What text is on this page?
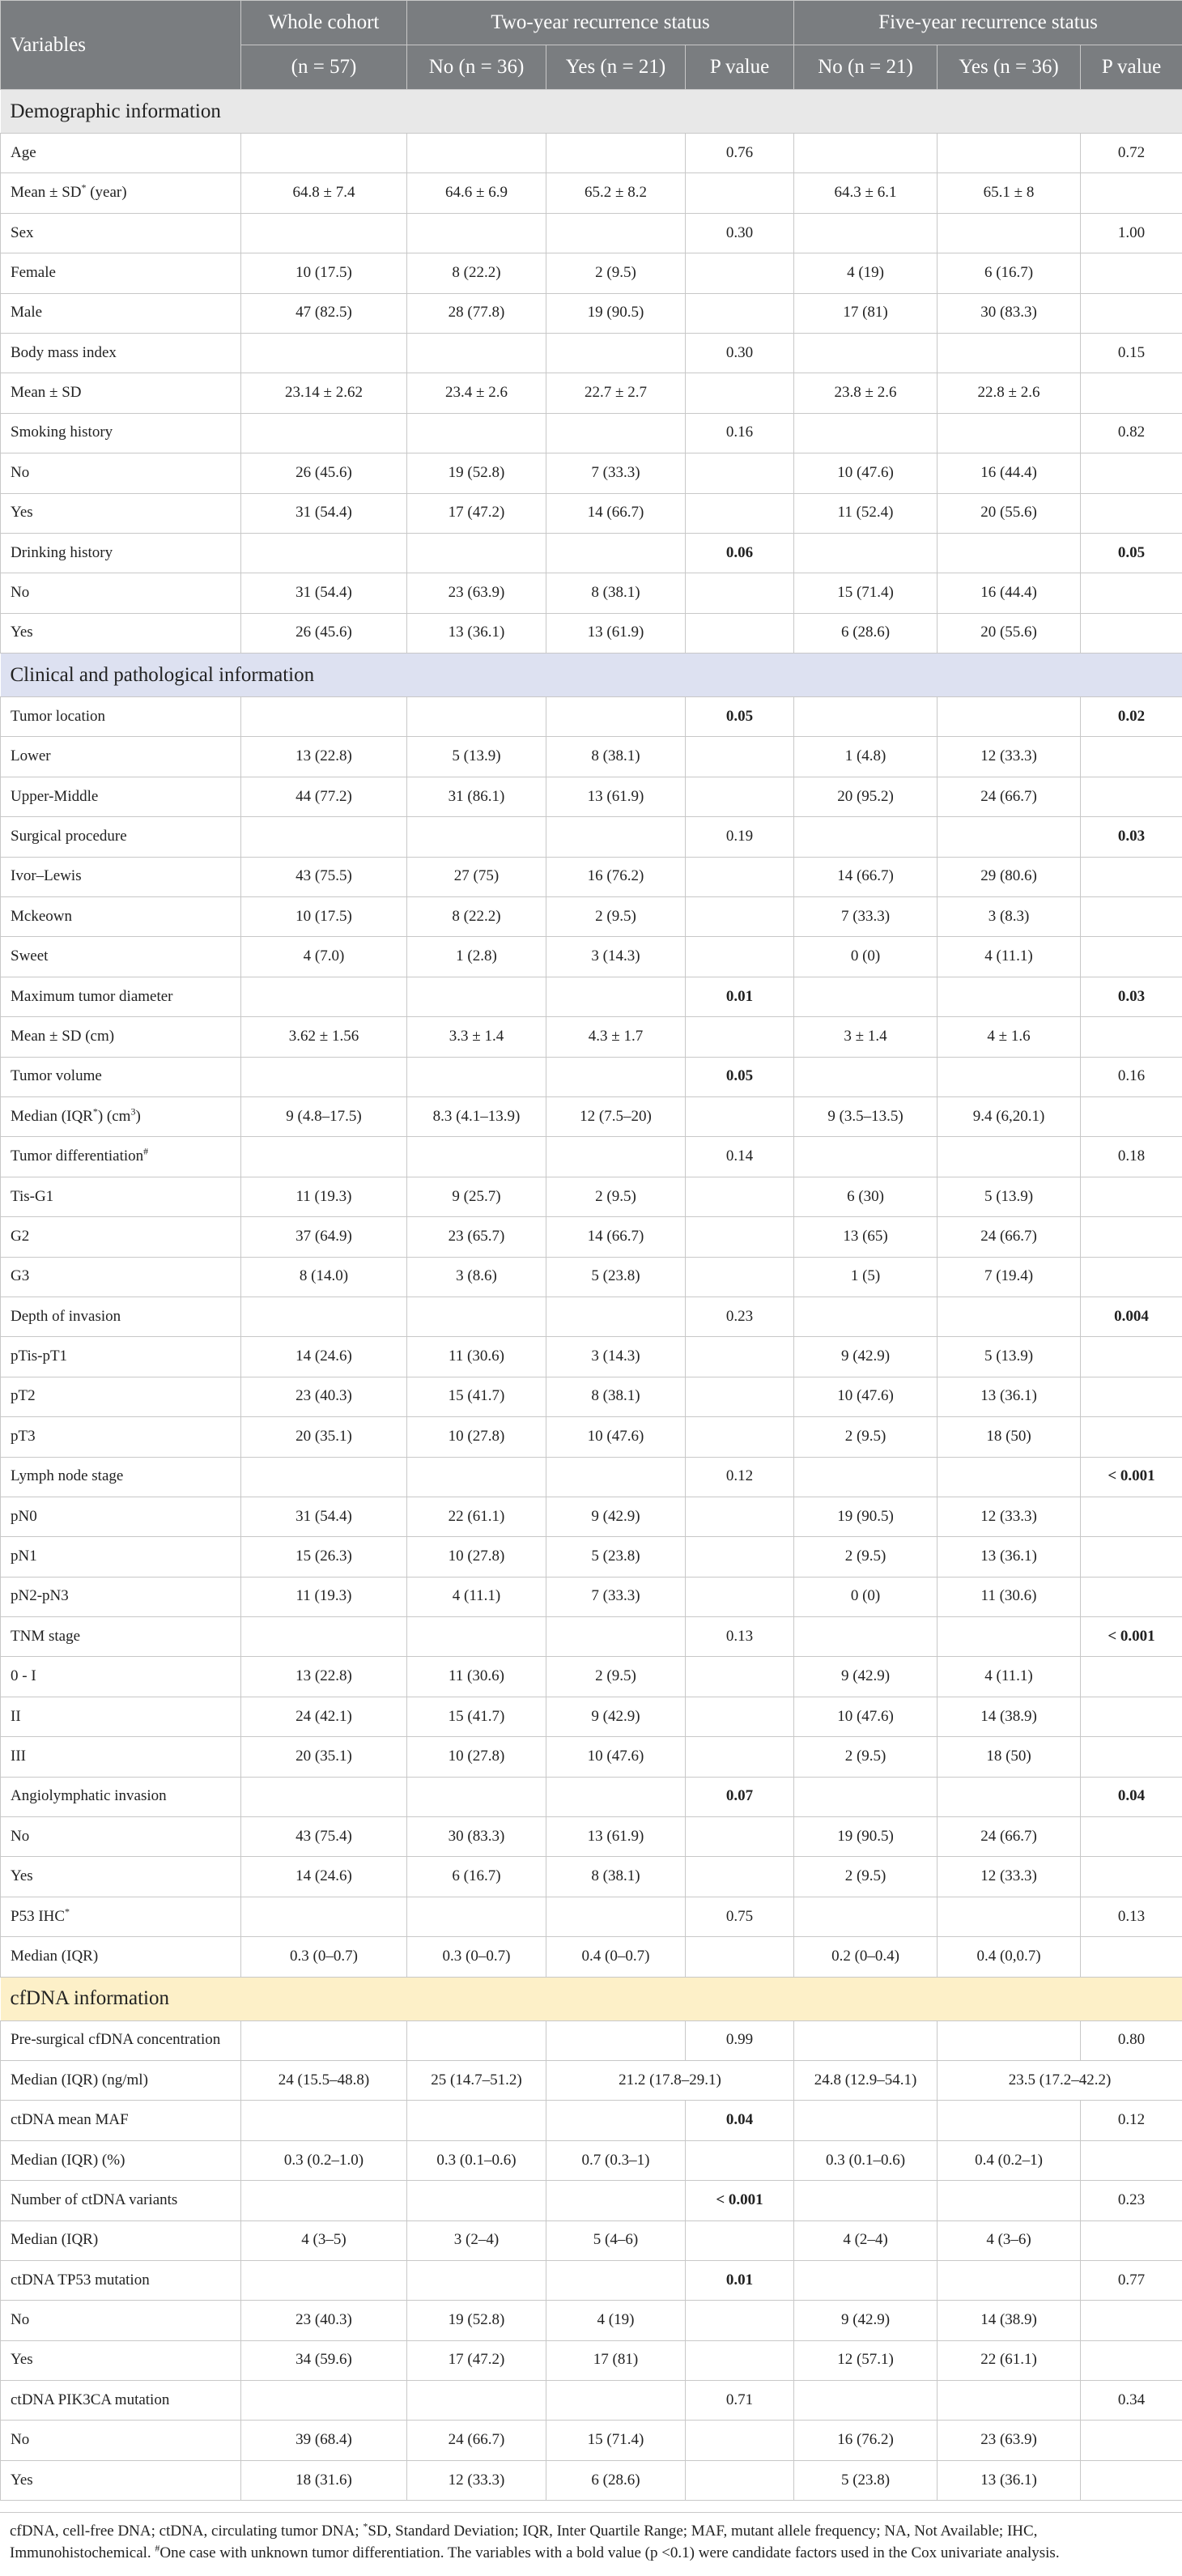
Variables	Whole cohort	Two-year recurrence status			Five-year recurrence status		
	(n = 57)	No (n = 36)	Yes (n = 21)	P value	No (n = 21)	Yes (n = 36)	P value
Demographic information							
Age				0.76			0.72
Mean ± SD* (year)	64.8 ± 7.4	64.6 ± 6.9	65.2 ± 8.2		64.3 ± 6.1	65.1 ± 8	
Sex				0.30			1.00
Female	10 (17.5)	8 (22.2)	2 (9.5)		4 (19)	6 (16.7)	
Male	47 (82.5)	28 (77.8)	19 (90.5)		17 (81)	30 (83.3)	
Body mass index				0.30			0.15
Mean ± SD	23.14 ± 2.62	23.4 ± 2.6	22.7 ± 2.7		23.8 ± 2.6	22.8 ± 2.6	
Smoking history				0.16			0.82
No	26 (45.6)	19 (52.8)	7 (33.3)		10 (47.6)	16 (44.4)	
Yes	31 (54.4)	17 (47.2)	14 (66.7)		11 (52.4)	20 (55.6)	
Drinking history				0.06			0.05
No	31 (54.4)	23 (63.9)	8 (38.1)		15 (71.4)	16 (44.4)	
Yes	26 (45.6)	13 (36.1)	13 (61.9)		6 (28.6)	20 (55.6)	
Clinical and pathological information							
Tumor location				0.05			0.02
Lower	13 (22.8)	5 (13.9)	8 (38.1)		1 (4.8)	12 (33.3)	
Upper-Middle	44 (77.2)	31 (86.1)	13 (61.9)		20 (95.2)	24 (66.7)	
Surgical procedure				0.19			0.03
Ivor–Lewis	43 (75.5)	27 (75)	16 (76.2)		14 (66.7)	29 (80.6)	
Mckeown	10 (17.5)	8 (22.2)	2 (9.5)		7 (33.3)	3 (8.3)	
Sweet	4 (7.0)	1 (2.8)	3 (14.3)		0 (0)	4 (11.1)	
Maximum tumor diameter				0.01			0.03
Mean ± SD (cm)	3.62 ± 1.56	3.3 ± 1.4	4.3 ± 1.7		3 ± 1.4	4 ± 1.6	
Tumor volume				0.05			0.16
Median (IQR*) $(cm^3)$	9 (4.8–17.5)	8.3 (4.1–13.9)	12 (7.5–20)		9 (3.5–13.5)	9.4 (6,20.1)	
Tumor differentiation#				0.14			0.18
Tis-G1	11 (19.3)	9 (25.7)	2 (9.5)		6 (30)	5 (13.9)	
G2	37 (64.9)	23 (65.7)	14 (66.7)		13 (65)	24 (66.7)	
G3	8 (14.0)	3 (8.6)	5 (23.8)		1 (5)	7 (19.4)	
Depth of invasion				0.23			0.004
pTis-pT1	14 (24.6)	11 (30.6)	3 (14.3)		9 (42.9)	5 (13.9)	
pT2	23 (40.3)	15 (41.7)	8 (38.1)		10 (47.6)	13 (36.1)	
pT3	20 (35.1)	10 (27.8)	10 (47.6)		2 (9.5)	18 (50)	
Lymph node stage				0.12			< 0.001
pN0	31 (54.4)	22 (61.1)	9 (42.9)		19 (90.5)	12 (33.3)	
pN1	15 (26.3)	10 (27.8)	5 (23.8)		2 (9.5)	13 (36.1)	
pN2-pN3	11 (19.3)	4 (11.1)	7 (33.3)		0 (0)	11 (30.6)	
TNM stage				0.13			< 0.001
0 - I	13 (22.8)	11 (30.6)	2 (9.5)		9 (42.9)	4 (11.1)	
II	24 (42.1)	15 (41.7)	9 (42.9)		10 (47.6)	14 (38.9)	
III	20 (35.1)	10 (27.8)	10 (47.6)		2 (9.5)	18 (50)	
Angiolymphatic invasion				0.07			0.04
No	43 (75.4)	30 (83.3)	13 (61.9)		19 (90.5)	24 (66.7)	
Yes	14 (24.6)	6 (16.7)	8 (38.1)		2 (9.5)	12 (33.3)	
P53 IHC*				0.75			0.13
Median (IQR)	0.3 (0–0.7)	0.3 (0–0.7)	0.4 (0–0.7)		0.2 (0–0.4)	0.4 (0,0.7)	
cfDNA information							
Pre-surgical cfDNA concentration				0.99			0.80
Median (IQR) (ng/ml)	24 (15.5–48.8)	25 (14.7–51.2)	21.2 (17.8–29.1)		24.8 (12.9–54.1)	23.5 (17.2–42.2)	
ctDNA mean MAF				0.04			0.12
Median (IQR) (%)	0.3 (0.2–1.0)	0.3 (0.1–0.6)	0.7 (0.3–1)		0.3 (0.1–0.6)	0.4 (0.2–1)	
Number of ctDNA variants				< 0.001			0.23
Median (IQR)	4 (3–5)	3 (2–4)	5 (4–6)		4 (2–4)	4 (3–6)	
ctDNA TP53 mutation				0.01			0.77
No	23 (40.3)	19 (52.8)	4 (19)		9 (42.9)	14 (38.9)	
Yes	34 (59.6)	17 (47.2)	17 (81)		12 (57.1)	22 (61.1)	
ctDNA PIK3CA mutation				0.71			0.34
No	39 (68.4)	24 (66.7)	15 (71.4)		16 (76.2)	23 (63.9)	
Yes	18 (31.6)	12 (33.3)	6 (28.6)		5 (23.8)	13 (36.1)	
cfDNA, cell-free DNA; ctDNA, circulating tumor DNA; *SD, Standard Deviation; IQR, Inter Quartile Range; MAF, mutant allele frequency; NA, Not Available; IHC, Immunohistochemical. #One case with unknown tumor differentiation. The variables with a bold value (p <0.1) were candidate factors used in the Cox univariate analysis.
